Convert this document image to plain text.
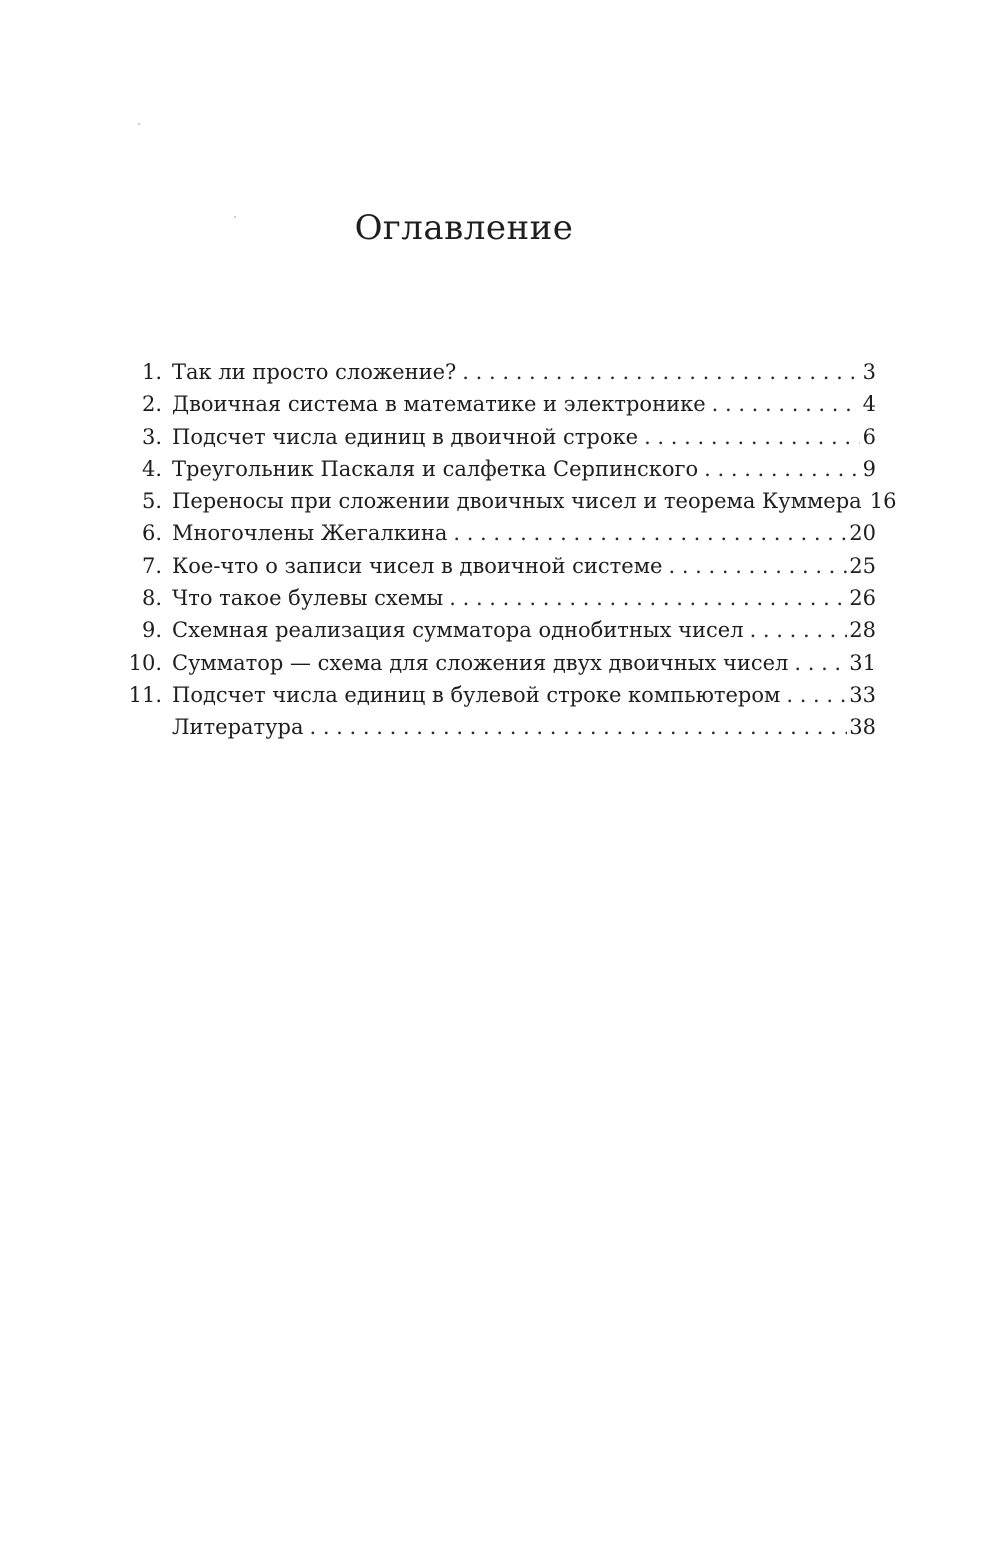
Оглавление
1. Так ли просто сложение? . . .	3
2. Двоичная система в математике и электронике . . .	4
3. Подсчет числа единиц в двоичной строке . . .	6
4. Треугольник Паскаля и салфетка Серпинского . . .	9
5. Переносы при сложении двоичных чисел и теорема Куммера 16
6. Многочлены Жегалкина . . .	20
7. Кое-что о записи чисел в двоичной системе . . .	25
8. Что такое булевы схемы . . .	26
9. Схемная реализация сумматора однобитных чисел . . .	28
10. Сумматор — схема для сложения двух двоичных чисел . . .	31
11. Подсчет числа единиц в булевой строке компьютером . . .	33
Литература . . .	38
